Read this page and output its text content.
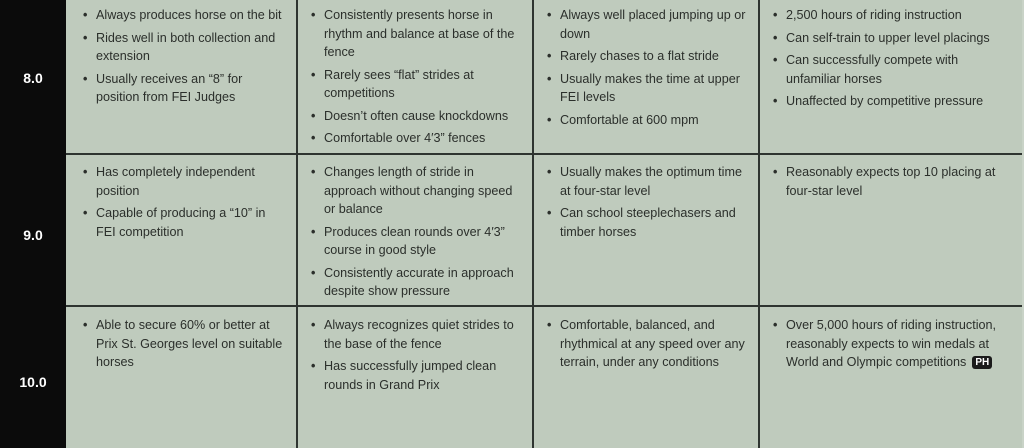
8.0
9.0
10.0
• Always produces horse on the bit
• Rides well in both collection and extension
• Usually receives an “8” for position from FEI Judges
• Consistently presents horse in rhythm and balance at base of the fence
• Rarely sees “flat” strides at competitions
• Doesn’t often cause knockdowns
• Comfortable over 4′3” fences
• Always well placed jumping up or down
• Rarely chases to a flat stride
• Usually makes the time at upper FEI levels
• Comfortable at 600 mpm
• 2,500 hours of riding instruction
• Can self-train to upper level placings
• Can successfully compete with unfamiliar horses
• Unaffected by competitive pressure
• Has completely independent position
• Capable of producing a “10” in FEI competition
• Changes length of stride in approach without changing speed or balance
• Produces clean rounds over 4′3” course in good style
• Consistently accurate in approach despite show pressure
• Usually makes the optimum time at four-star level
• Can school steeplechasers and timber horses
• Reasonably expects top 10 placing at four-star level
• Able to secure 60% or better at Prix St. Georges level on suitable horses
• Always recognizes quiet strides to the base of the fence
• Has successfully jumped clean rounds in Grand Prix
• Comfortable, balanced, and rhythmical at any speed over any terrain, under any conditions
• Over 5,000 hours of riding instruction, reasonably expects to win medals at World and Olympic competitions PH
